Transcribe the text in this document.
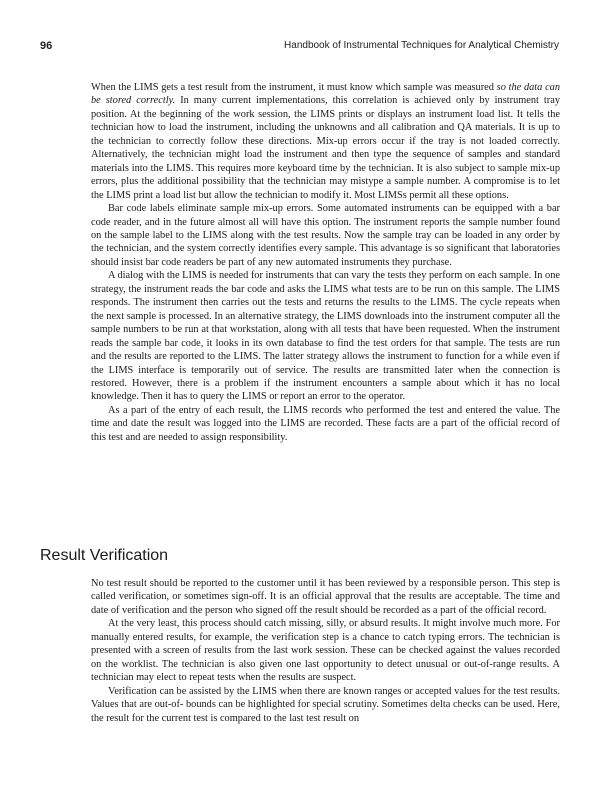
96	Handbook of Instrumental Techniques for Analytical Chemistry

When the LIMS gets a test result from the instrument, it must know which sample was measured so the data can be stored correctly. In many current implementations, this correlation is achieved only by instrument tray position. At the beginning of the work session, the LIMS prints or displays an instrument load list. It tells the technician how to load the instrument, including the unknowns and all calibration and QA materials. It is up to the technician to correctly follow these directions. Mix-up errors occur if the tray is not loaded correctly. Alternatively, the technician might load the instrument and then type the sequence of samples and standard materials into the LIMS. This requires more keyboard time by the technician. It is also subject to sample mix-up errors, plus the additional possibility that the technician may mistype a sample number. A compromise is to let the LIMS print a load list but allow the technician to modify it. Most LIMSs permit all these options.

Bar code labels eliminate sample mix-up errors. Some automated instruments can be equipped with a bar code reader, and in the future almost all will have this option. The instrument reports the sample number found on the sample label to the LIMS along with the test results. Now the sample tray can be loaded in any order by the technician, and the system correctly identifies every sample. This advantage is so significant that laboratories should insist bar code readers be part of any new automated instruments they purchase.

A dialog with the LIMS is needed for instruments that can vary the tests they perform on each sample. In one strategy, the instrument reads the bar code and asks the LIMS what tests are to be run on this sample. The LIMS responds. The instrument then carries out the tests and returns the results to the LIMS. The cycle repeats when the next sample is processed. In an alternative strategy, the LIMS downloads into the instrument computer all the sample numbers to be run at that workstation, along with all tests that have been requested. When the instrument reads the sample bar code, it looks in its own database to find the test orders for that sample. The tests are run and the results are reported to the LIMS. The latter strategy allows the instrument to function for a while even if the LIMS interface is temporarily out of service. The results are transmitted later when the connection is restored. However, there is a problem if the instrument encounters a sample about which it has no local knowledge. Then it has to query the LIMS or report an error to the operator.

As a part of the entry of each result, the LIMS records who performed the test and entered the value. The time and date the result was logged into the LIMS are recorded. These facts are a part of the official record of this test and are needed to assign responsibility.

Result Verification

No test result should be reported to the customer until it has been reviewed by a responsible person. This step is called verification, or sometimes sign-off. It is an official approval that the results are acceptable. The time and date of verification and the person who signed off the result should be recorded as a part of the official record.

At the very least, this process should catch missing, silly, or absurd results. It might involve much more. For manually entered results, for example, the verification step is a chance to catch typing errors. The technician is presented with a screen of results from the last work session. These can be checked against the values recorded on the worklist. The technician is also given one last opportunity to detect unusual or out-of-range results. A technician may elect to repeat tests when the results are suspect.

Verification can be assisted by the LIMS when there are known ranges or accepted values for the test results. Values that are out-of- bounds can be highlighted for special scrutiny. Sometimes delta checks can be used. Here, the result for the current test is compared to the last test result on
